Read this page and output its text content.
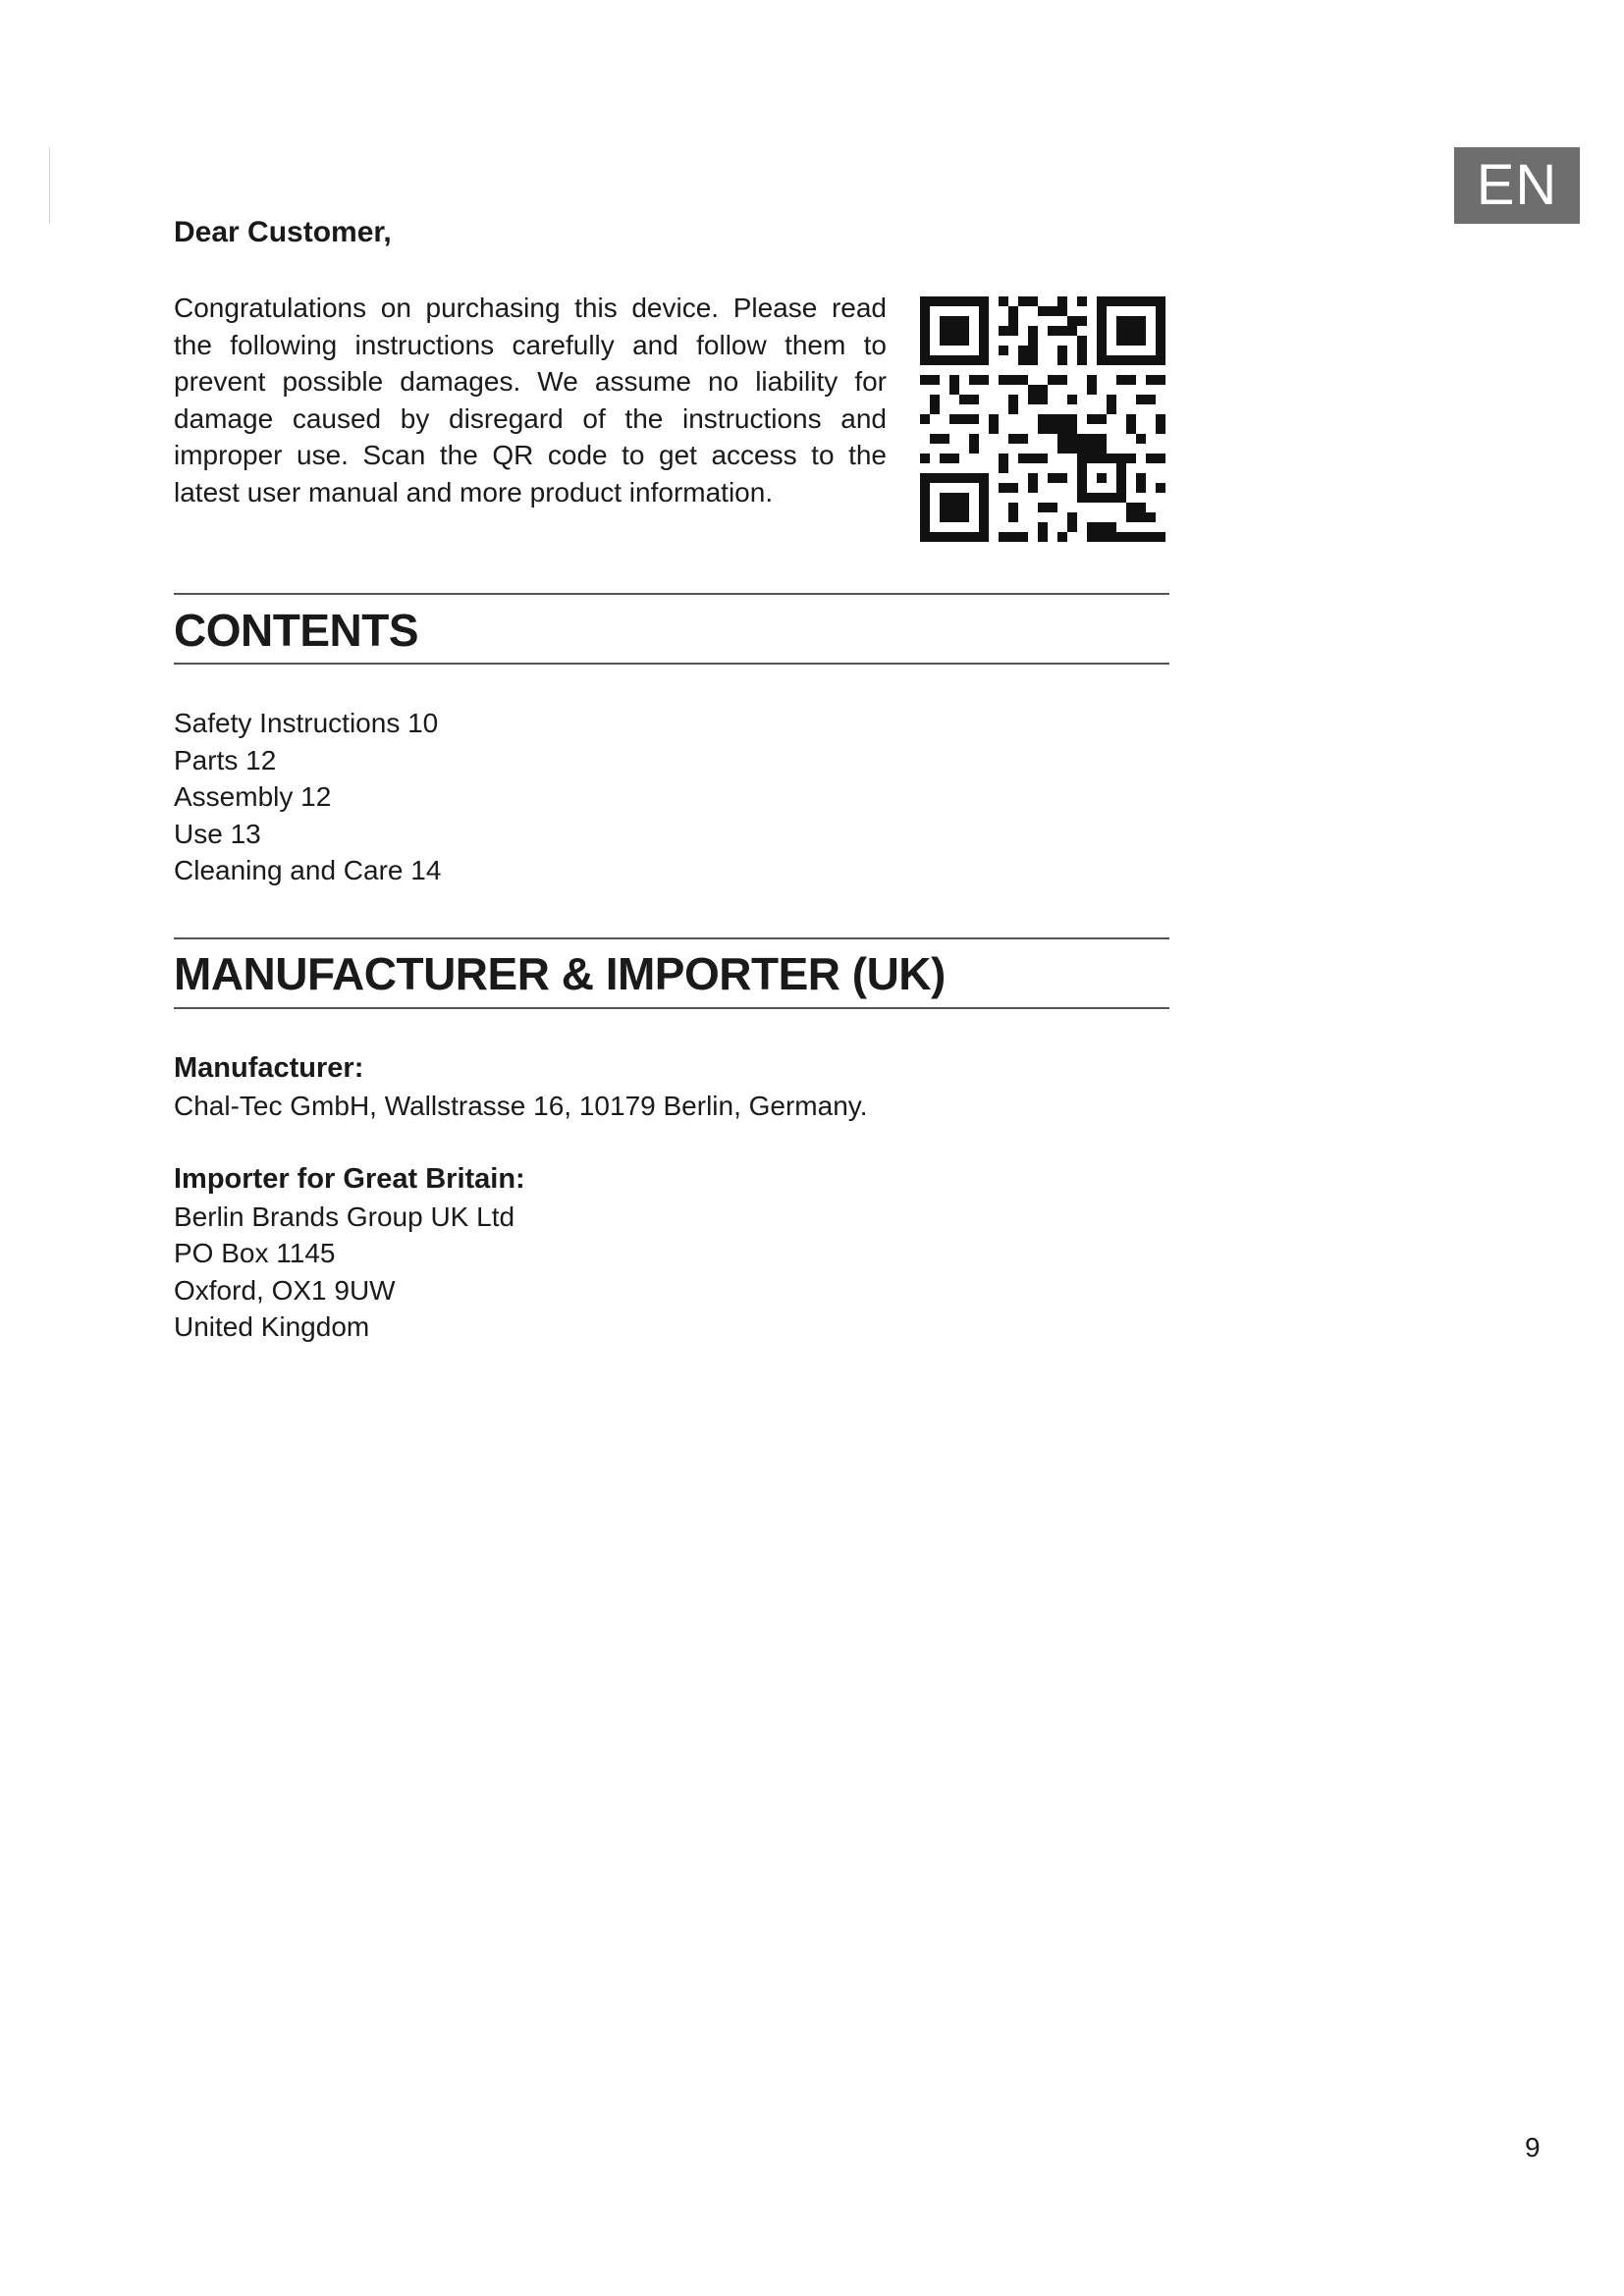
EN
Dear Customer,
Congratulations on purchasing this device. Please read the following instructions carefully and follow them to prevent possible damages. We assume no liability for damage caused by disregard of the instructions and improper use. Scan the QR code to get access to the latest user manual and more product information.
CONTENTS
Safety Instructions 10
Parts 12
Assembly 12
Use 13
Cleaning and Care 14
MANUFACTURER & IMPORTER (UK)
Manufacturer:
Chal-Tec GmbH, Wallstrasse 16, 10179 Berlin, Germany.
Importer for Great Britain:
Berlin Brands Group UK Ltd
PO Box 1145
Oxford, OX1 9UW
United Kingdom
9
